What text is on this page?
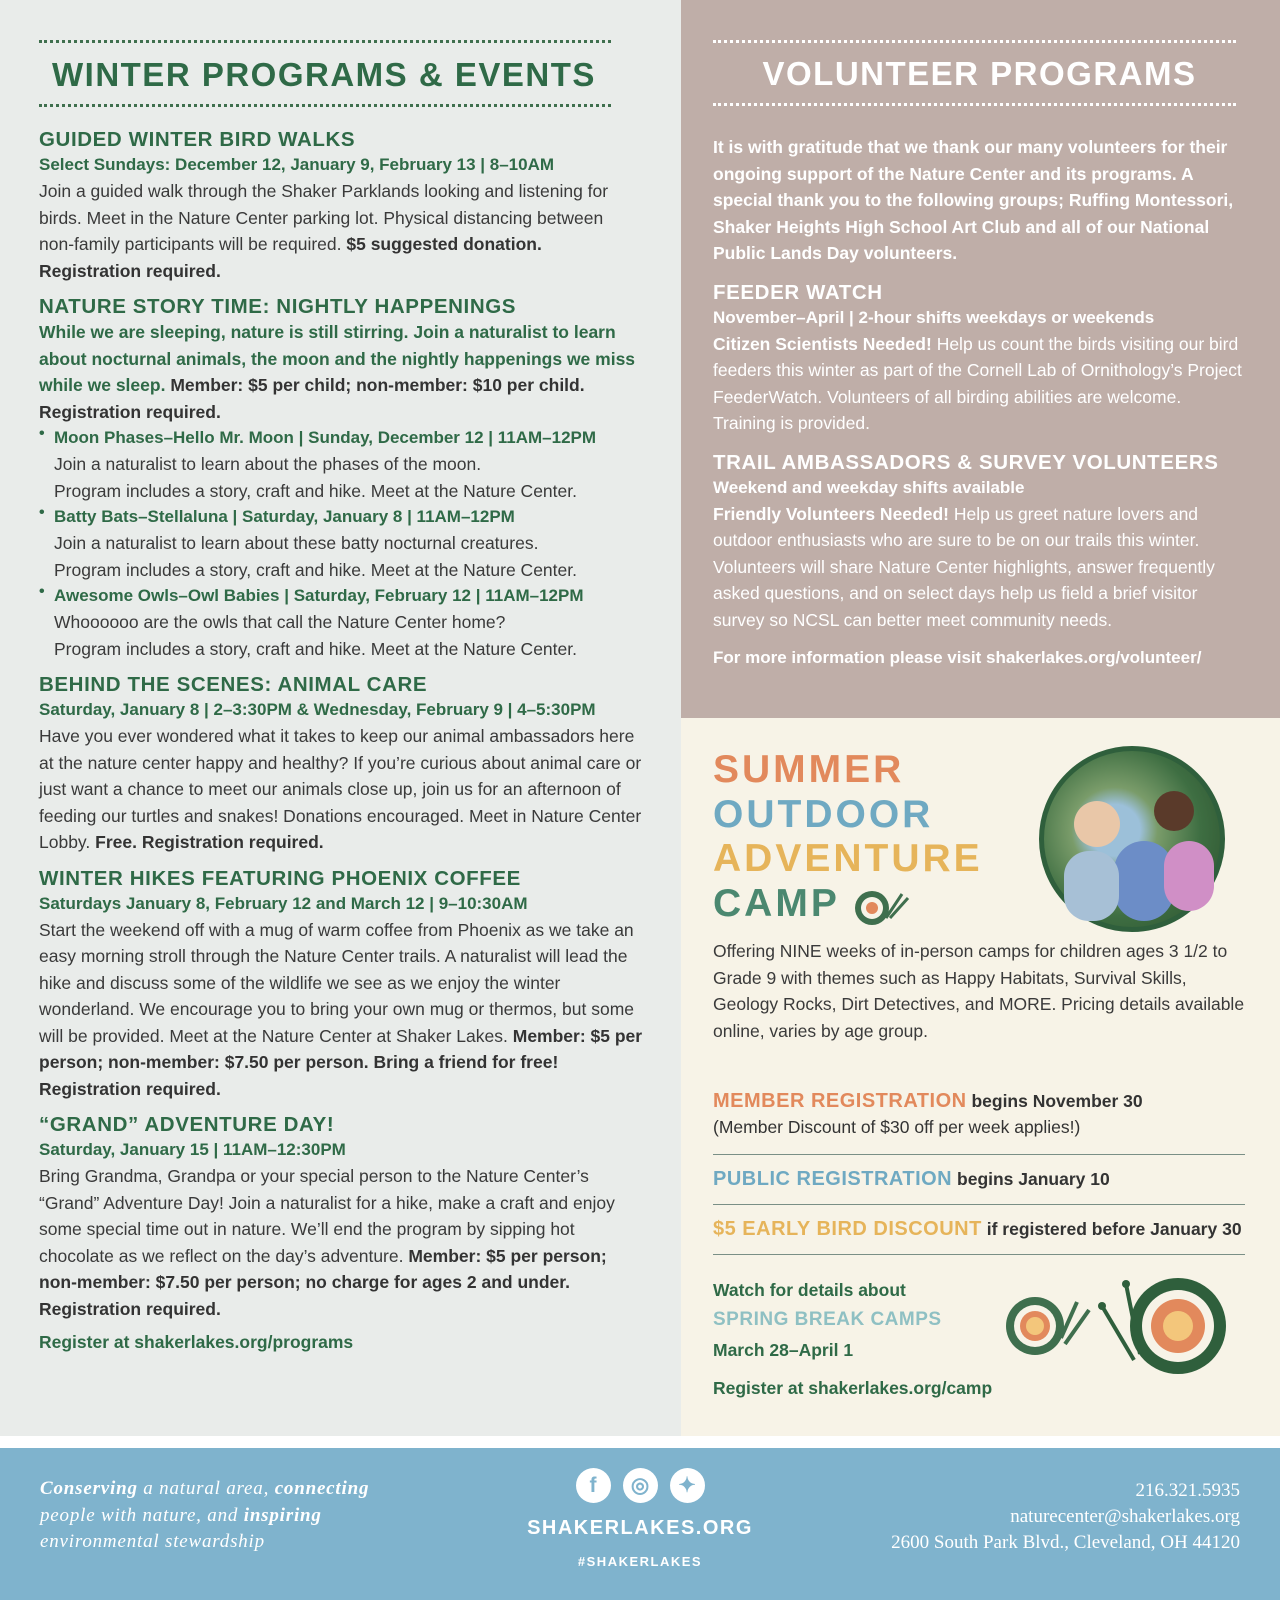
WINTER PROGRAMS & EVENTS
GUIDED WINTER BIRD WALKS
Select Sundays: December 12, January 9, February 13 | 8–10AM

Join a guided walk through the Shaker Parklands looking and listening for birds. Meet in the Nature Center parking lot. Physical distancing between non-family participants will be required. $5 suggested donation. Registration required.

NATURE STORY TIME: NIGHTLY HAPPENINGS

While we are sleeping, nature is still stirring. Join a naturalist to learn about nocturnal animals, the moon and the nightly happenings we miss while we sleep. Member: $5 per child; non-member: $10 per child. Registration required.

• Moon Phases–Hello Mr. Moon | Sunday, December 12 | 11AM–12PM

Join a naturalist to learn about the phases of the moon.

Program includes a story, craft and hike. Meet at the Nature Center.

• Batty Bats–Stellaluna | Saturday, January 8 | 11AM–12PM

Join a naturalist to learn about these batty nocturnal creatures.

Program includes a story, craft and hike. Meet at the Nature Center.

• Awesome Owls–Owl Babies | Saturday, February 12 | 11AM–12PM

Whoooooo are the owls that call the Nature Center home?

Program includes a story, craft and hike. Meet at the Nature Center.

BEHIND THE SCENES: ANIMAL CARE
Saturday, January 8 | 2–3:30PM & Wednesday, February 9 | 4–5:30PM

Have you ever wondered what it takes to keep our animal ambassadors here at the nature center happy and healthy? If you’re curious about animal care or just want a chance to meet our animals close up, join us for an afternoon of feeding our turtles and snakes! Donations encouraged. Meet in Nature Center Lobby. Free. Registration required.

WINTER HIKES FEATURING PHOENIX COFFEE
Saturdays January 8, February 12 and March 12 | 9–10:30AM

Start the weekend off with a mug of warm coffee from Phoenix as we take an easy morning stroll through the Nature Center trails. A naturalist will lead the hike and discuss some of the wildlife we see as we enjoy the winter wonderland. We encourage you to bring your own mug or thermos, but some will be provided. Meet at the Nature Center at Shaker Lakes. Member: $5 per person; non-member: $7.50 per person. Bring a friend for free! Registration required.

“GRAND” ADVENTURE DAY!
Saturday, January 15 | 11AM–12:30PM

Bring Grandma, Grandpa or your special person to the Nature Center’s “Grand” Adventure Day! Join a naturalist for a hike, make a craft and enjoy some special time out in nature. We’ll end the program by sipping hot chocolate as we reflect on the day’s adventure. Member: $5 per person; non-member: $7.50 per person; no charge for ages 2 and under. Registration required.

Register at shakerlakes.org/programs
VOLUNTEER PROGRAMS
It is with gratitude that we thank our many volunteers for their ongoing support of the Nature Center and its programs. A special thank you to the following groups; Ruffing Montessori, Shaker Heights High School Art Club and all of our National Public Lands Day volunteers.
FEEDER WATCH
November–April | 2-hour shifts weekdays or weekends

Citizen Scientists Needed! Help us count the birds visiting our bird feeders this winter as part of the Cornell Lab of Ornithology’s Project FeederWatch. Volunteers of all birding abilities are welcome. Training is provided.

TRAIL AMBASSADORS & SURVEY VOLUNTEERS
Weekend and weekday shifts available

Friendly Volunteers Needed! Help us greet nature lovers and outdoor enthusiasts who are sure to be on our trails this winter. Volunteers will share Nature Center highlights, answer frequently asked questions, and on select days help us field a brief visitor survey so NCSL can better meet community needs.

For more information please visit shakerlakes.org/volunteer/
SUMMER
OUTDOOR
ADVENTURE
CAMP
Offering NINE weeks of in-person camps for children ages 3 1/2 to Grade 9 with themes such as Happy Habitats, Survival Skills, Geology Rocks, Dirt Detectives, and MORE. Pricing details available online, varies by age group.
MEMBER REGISTRATION begins November 30
(Member Discount of $30 off per week applies!)
PUBLIC REGISTRATION begins January 10
$5 EARLY BIRD DISCOUNT if registered before January 30
Watch for details about
SPRING BREAK CAMPS
March 28–April 1
Register at shakerlakes.org/camp
Conserving a natural area, connecting
people with nature, and inspiring
environmental stewardship
f	◎	✦
SHAKERLAKES.ORG
#SHAKERLAKES
216.321.5935
naturecenter@shakerlakes.org
2600 South Park Blvd., Cleveland, OH 44120
